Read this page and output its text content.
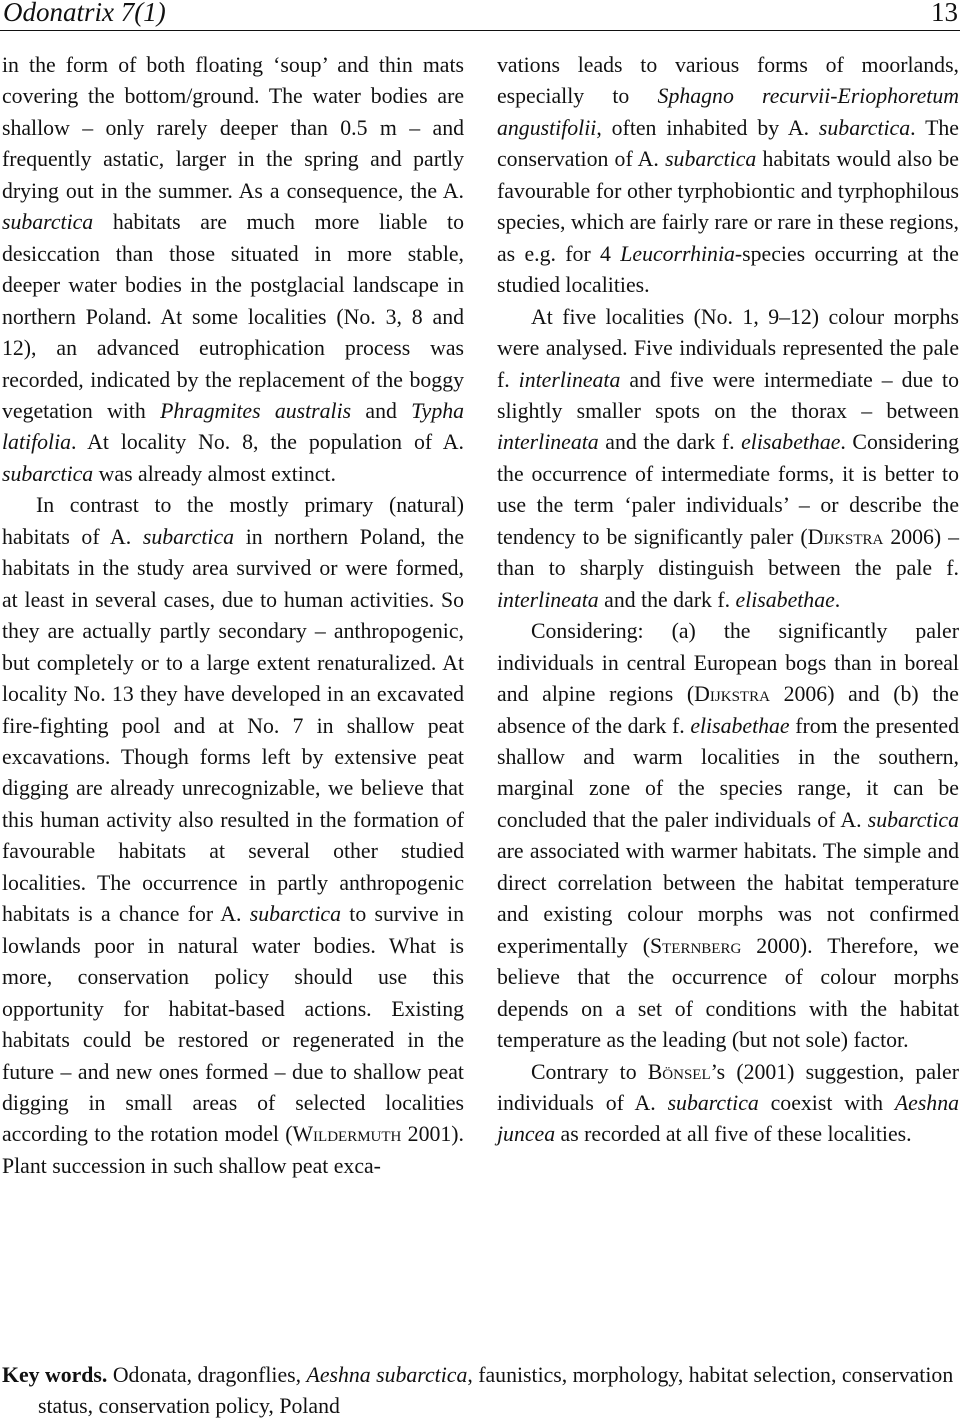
Odonatrix 7(1)	13

in the form of both floating ‘soup’ and thin mats covering the bottom/ground. The water bodies are shallow – only rarely deeper than 0.5 m – and frequently astatic, larger in the spring and partly drying out in the summer. As a consequence, the A. subarctica habitats are much more liable to desiccation than those situated in more stable, deeper water bodies in the postglacial landscape in northern Poland. At some localities (No. 3, 8 and 12), an advanced eutrophication process was recorded, indicated by the replacement of the boggy vegetation with Phragmites australis and Typha latifolia. At locality No. 8, the population of A. subarctica was already almost extinct.

In contrast to the mostly primary (natural) habitats of A. subarctica in northern Poland, the habitats in the study area survived or were formed, at least in several cases, due to human activities. So they are actually partly secondary – anthropogenic, but completely or to a large extent renaturalized. At locality No. 13 they have developed in an excavated fire-fighting pool and at No. 7 in shallow peat excavations. Though forms left by extensive peat digging are already unrecognizable, we believe that this human activity also resulted in the formation of favourable habitats at several other studied localities. The occurrence in partly anthropogenic habitats is a chance for A. subarctica to survive in lowlands poor in natural water bodies. What is more, conservation policy should use this opportunity for habitat-based actions. Existing habitats could be restored or regenerated in the future – and new ones formed – due to shallow peat digging in small areas of selected localities according to the rotation model (Wildermuth 2001). Plant succession in such shallow peat exca-

vations leads to various forms of moorlands, especially to Sphagno recurvii-Eriophoretum angustifolii, often inhabited by A. subarctica. The conservation of A. subarctica habitats would also be favourable for other tyrphobiontic and tyrphophilous species, which are fairly rare or rare in these regions, as e.g. for 4 Leucorrhinia-species occurring at the studied localities.

At five localities (No. 1, 9–12) colour morphs were analysed. Five individuals represented the pale f. interlineata and five were intermediate – due to slightly smaller spots on the thorax – between interlineata and the dark f. elisabethae. Considering the occurrence of intermediate forms, it is better to use the term ‘paler individuals’ – or describe the tendency to be significantly paler (Dijkstra 2006) – than to sharply distinguish between the pale f. interlineata and the dark f. elisabethae.

Considering: (a) the significantly paler individuals in central European bogs than in boreal and alpine regions (Dijkstra 2006) and (b) the absence of the dark f. elisabethae from the presented shallow and warm localities in the southern, marginal zone of the species range, it can be concluded that the paler individuals of A. subarctica are associated with warmer habitats. The simple and direct correlation between the habitat temperature and existing colour morphs was not confirmed experimentally (Sternberg 2000). Therefore, we believe that the occurrence of colour morphs depends on a set of conditions with the habitat temperature as the leading (but not sole) factor.

Contrary to Bönsel’s (2001) suggestion, paler individuals of A. subarctica coexist with Aeshna juncea as recorded at all five of these localities.

Key words. Odonata, dragonflies, Aeshna subarctica, faunistics, morphology, habitat selection, conservation status, conservation policy, Poland
